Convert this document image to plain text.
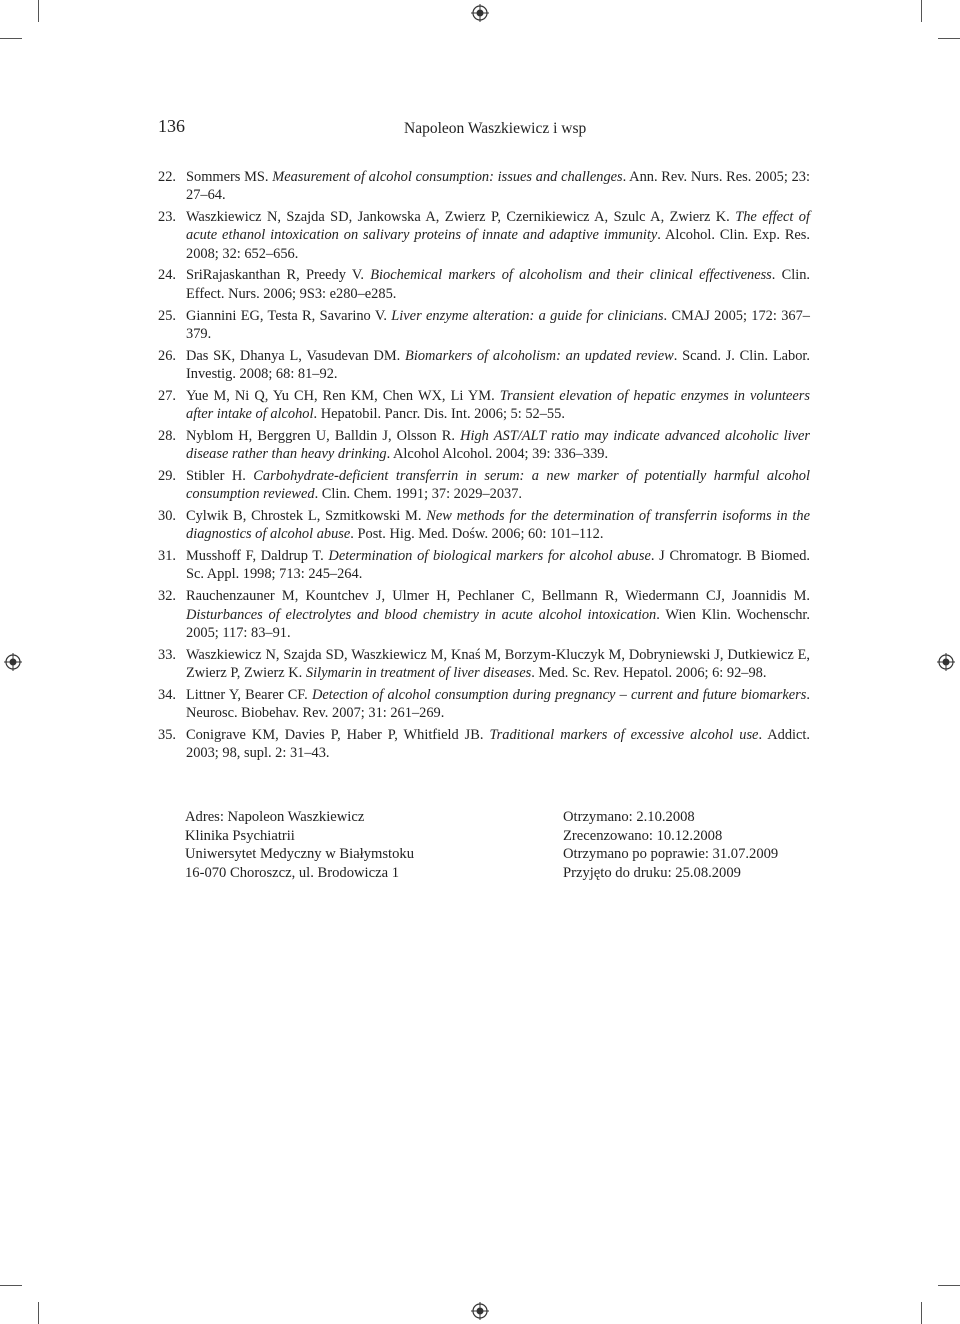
136	Napoleon Waszkiewicz i wsp
22. Sommers MS. Measurement of alcohol consumption: issues and challenges. Ann. Rev. Nurs. Res. 2005; 23: 27–64.
23. Waszkiewicz N, Szajda SD, Jankowska A, Zwierz P, Czernikiewicz A, Szulc A, Zwierz K. The effect of acute ethanol intoxication on salivary proteins of innate and adaptive immunity. Alcohol. Clin. Exp. Res. 2008; 32: 652–656.
24. SriRajaskanthan R, Preedy V. Biochemical markers of alcoholism and their clinical effectiveness. Clin. Effect. Nurs. 2006; 9S3: e280–e285.
25. Giannini EG, Testa R, Savarino V. Liver enzyme alteration: a guide for clinicians. CMAJ 2005; 172: 367–379.
26. Das SK, Dhanya L, Vasudevan DM. Biomarkers of alcoholism: an updated review. Scand. J. Clin. Labor. Investig. 2008; 68: 81–92.
27. Yue M, Ni Q, Yu CH, Ren KM, Chen WX, Li YM. Transient elevation of hepatic enzymes in volunteers after intake of alcohol. Hepatobil. Pancr. Dis. Int. 2006; 5: 52–55.
28. Nyblom H, Berggren U, Balldin J, Olsson R. High AST/ALT ratio may indicate advanced alcoholic liver disease rather than heavy drinking. Alcohol Alcohol. 2004; 39: 336–339.
29. Stibler H. Carbohydrate-deficient transferrin in serum: a new marker of potentially harmful alcohol consumption reviewed. Clin. Chem. 1991; 37: 2029–2037.
30. Cylwik B, Chrostek L, Szmitkowski M. New methods for the determination of transferrin isoforms in the diagnostics of alcohol abuse. Post. Hig. Med. Dośw. 2006; 60: 101–112.
31. Musshoff F, Daldrup T. Determination of biological markers for alcohol abuse. J Chromatogr. B Biomed. Sc. Appl. 1998; 713: 245–264.
32. Rauchenzauner M, Kountchev J, Ulmer H, Pechlaner C, Bellmann R, Wiedermann CJ, Joannidis M. Disturbances of electrolytes and blood chemistry in acute alcohol intoxication. Wien Klin. Wochenschr. 2005; 117: 83–91.
33. Waszkiewicz N, Szajda SD, Waszkiewicz M, Knaś M, Borzym-Kluczyk M, Dobryniewski J, Dutkiewicz E, Zwierz P, Zwierz K. Silymarin in treatment of liver diseases. Med. Sc. Rev. Hepatol. 2006; 6: 92–98.
34. Littner Y, Bearer CF. Detection of alcohol consumption during pregnancy – current and future biomarkers. Neurosc. Biobehav. Rev. 2007; 31: 261–269.
35. Conigrave KM, Davies P, Haber P, Whitfield JB. Traditional markers of excessive alcohol use. Addict. 2003; 98, supl. 2: 31–43.
Adres: Napoleon Waszkiewicz
Klinika Psychiatrii
Uniwersytet Medyczny w Białymstoku
16-070 Choroszcz, ul. Brodowicza 1
Otrzymano: 2.10.2008
Zrecenzowano: 10.12.2008
Otrzymano po poprawie: 31.07.2009
Przyjęto do druku: 25.08.2009
